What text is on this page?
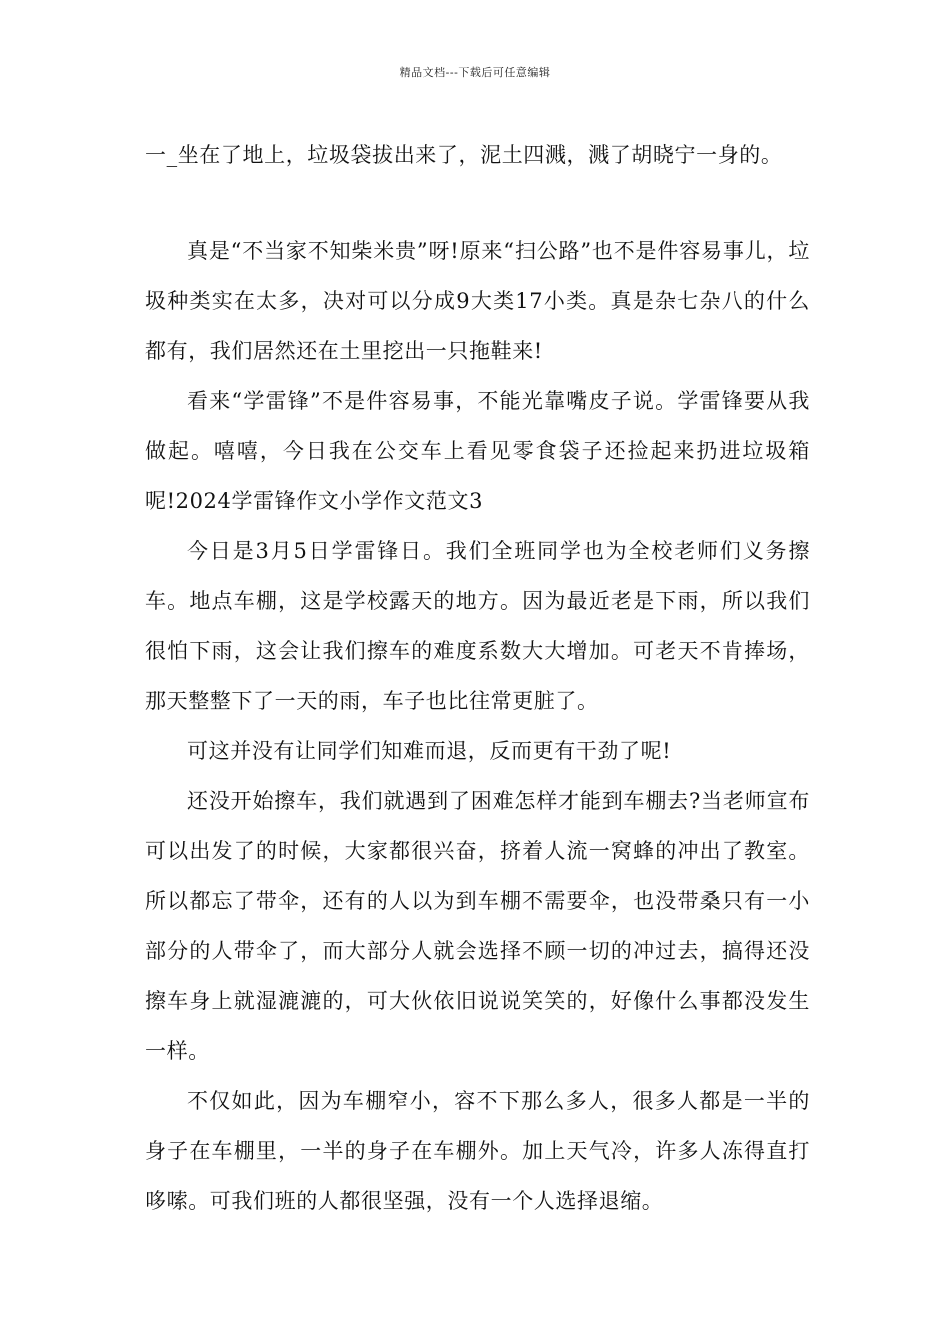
精品文档---下载后可任意编辑

一_坐在了地上，垃圾袋拔出来了，泥土四溅，溅了胡晓宁一身的。

真是“不当家不知柴米贵”呀!原来“扫公路”也不是件容易事儿，垃圾种类实在太多，决对可以分成9大类17小类。真是杂七杂八的什么都有，我们居然还在土里挖出一只拖鞋来!

看来“学雷锋”不是件容易事，不能光靠嘴皮子说。学雷锋要从我做起。嘻嘻，今日我在公交车上看见零食袋子还捡起来扔进垃圾箱呢!2024学雷锋作文小学作文范文3

今日是3月5日学雷锋日。我们全班同学也为全校老师们义务擦车。地点车棚，这是学校露天的地方。因为最近老是下雨，所以我们很怕下雨，这会让我们擦车的难度系数大大增加。可老天不肯捧场，那天整整下了一天的雨，车子也比往常更脏了。

可这并没有让同学们知难而退，反而更有干劲了呢!

还没开始擦车，我们就遇到了困难怎样才能到车棚去?当老师宣布可以出发了的时候，大家都很兴奋，挤着人流一窝蜂的冲出了教室。所以都忘了带伞，还有的人以为到车棚不需要伞，也没带桑只有一小部分的人带伞了，而大部分人就会选择不顾一切的冲过去，搞得还没擦车身上就湿漉漉的，可大伙依旧说说笑笑的，好像什么事都没发生一样。

不仅如此，因为车棚窄小，容不下那么多人，很多人都是一半的身子在车棚里，一半的身子在车棚外。加上天气冷，许多人冻得直打哆嗦。可我们班的人都很坚强，没有一个人选择退缩。
